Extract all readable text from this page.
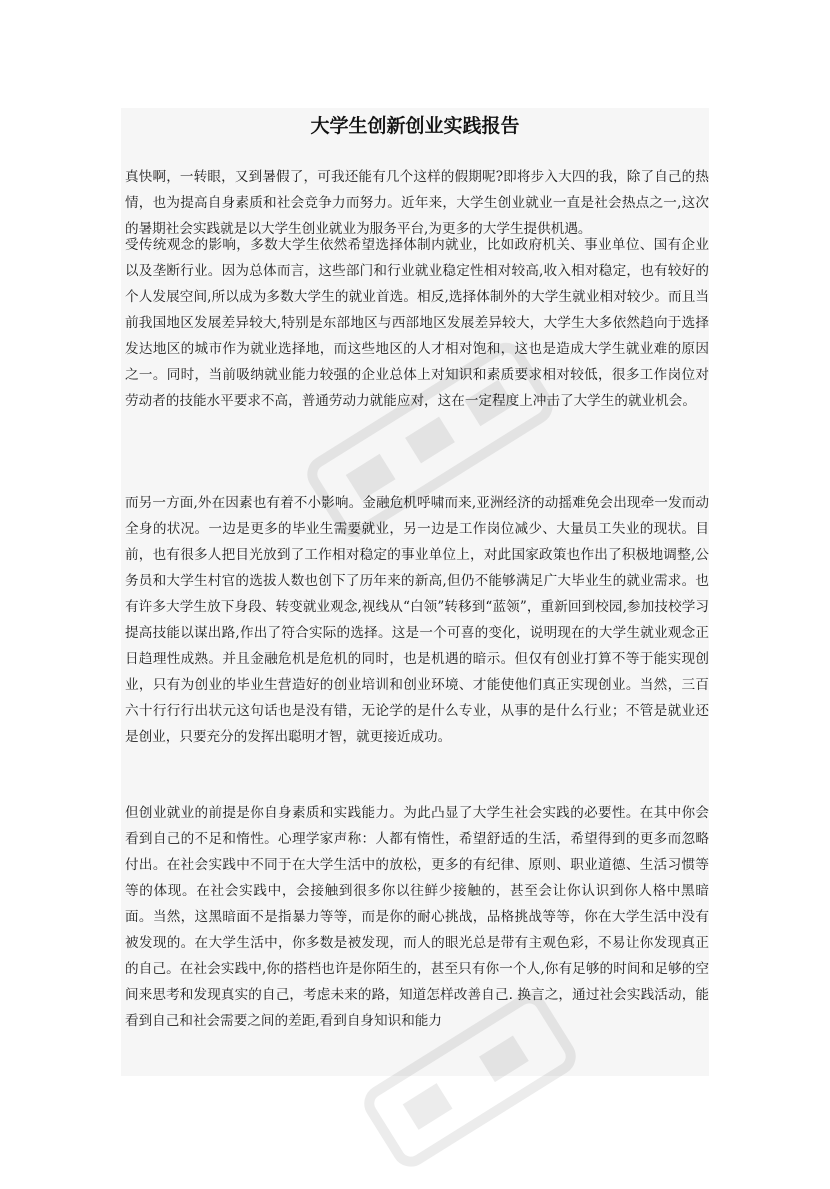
大学生创新创业实践报告

真快啊，一转眼，又到暑假了，可我还能有几个这样的假期呢?即将步入大四的我，除了自己的热情，也为提高自身素质和社会竞争力而努力。近年来，大学生创业就业一直是社会热点之一,这次的暑期社会实践就是以大学生创业就业为服务平台,为更多的大学生提供机遇。

受传统观念的影响，多数大学生依然希望选择体制内就业，比如政府机关、事业单位、国有企业以及垄断行业。因为总体而言，这些部门和行业就业稳定性相对较高,收入相对稳定，也有较好的个人发展空间,所以成为多数大学生的就业首选。相反,选择体制外的大学生就业相对较少。而且当前我国地区发展差异较大,特别是东部地区与西部地区发展差异较大，大学生大多依然趋向于选择发达地区的城市作为就业选择地，而这些地区的人才相对饱和，这也是造成大学生就业难的原因之一。同时，当前吸纳就业能力较强的企业总体上对知识和素质要求相对较低，很多工作岗位对劳动者的技能水平要求不高，普通劳动力就能应对，这在一定程度上冲击了大学生的就业机会。

而另一方面,外在因素也有着不小影响。金融危机呼啸而来,亚洲经济的动摇难免会出现牵一发而动全身的状况。一边是更多的毕业生需要就业，另一边是工作岗位减少、大量员工失业的现状。目前，也有很多人把目光放到了工作相对稳定的事业单位上，对此国家政策也作出了积极地调整,公务员和大学生村官的选拔人数也创下了历年来的新高,但仍不能够满足广大毕业生的就业需求。也有许多大学生放下身段、转变就业观念,视线从“白领”转移到“蓝领”，重新回到校园,参加技校学习提高技能以谋出路,作出了符合实际的选择。这是一个可喜的变化，说明现在的大学生就业观念正日趋理性成熟。并且金融危机是危机的同时，也是机遇的暗示。但仅有创业打算不等于能实现创业，只有为创业的毕业生营造好的创业培训和创业环境、才能使他们真正实现创业。当然，三百六十行行行出状元这句话也是没有错，无论学的是什么专业，从事的是什么行业；不管是就业还是创业，只要充分的发挥出聪明才智，就更接近成功。

但创业就业的前提是你自身素质和实践能力。为此凸显了大学生社会实践的必要性。在其中你会看到自己的不足和惰性。心理学家声称：人都有惰性，希望舒适的生活，希望得到的更多而忽略付出。在社会实践中不同于在大学生活中的放松，更多的有纪律、原则、职业道德、生活习惯等等的体现。在社会实践中，会接触到很多你以往鲜少接触的，甚至会让你认识到你人格中黑暗面。当然，这黑暗面不是指暴力等等，而是你的耐心挑战，品格挑战等等，你在大学生活中没有被发现的。在大学生活中，你多数是被发现，而人的眼光总是带有主观色彩，不易让你发现真正的自己。在社会实践中,你的搭档也许是你陌生的，甚至只有你一个人,你有足够的时间和足够的空间来思考和发现真实的自己，考虑未来的路，知道怎样改善自己. 换言之，通过社会实践活动，能看到自己和社会需要之间的差距,看到自身知识和能力
